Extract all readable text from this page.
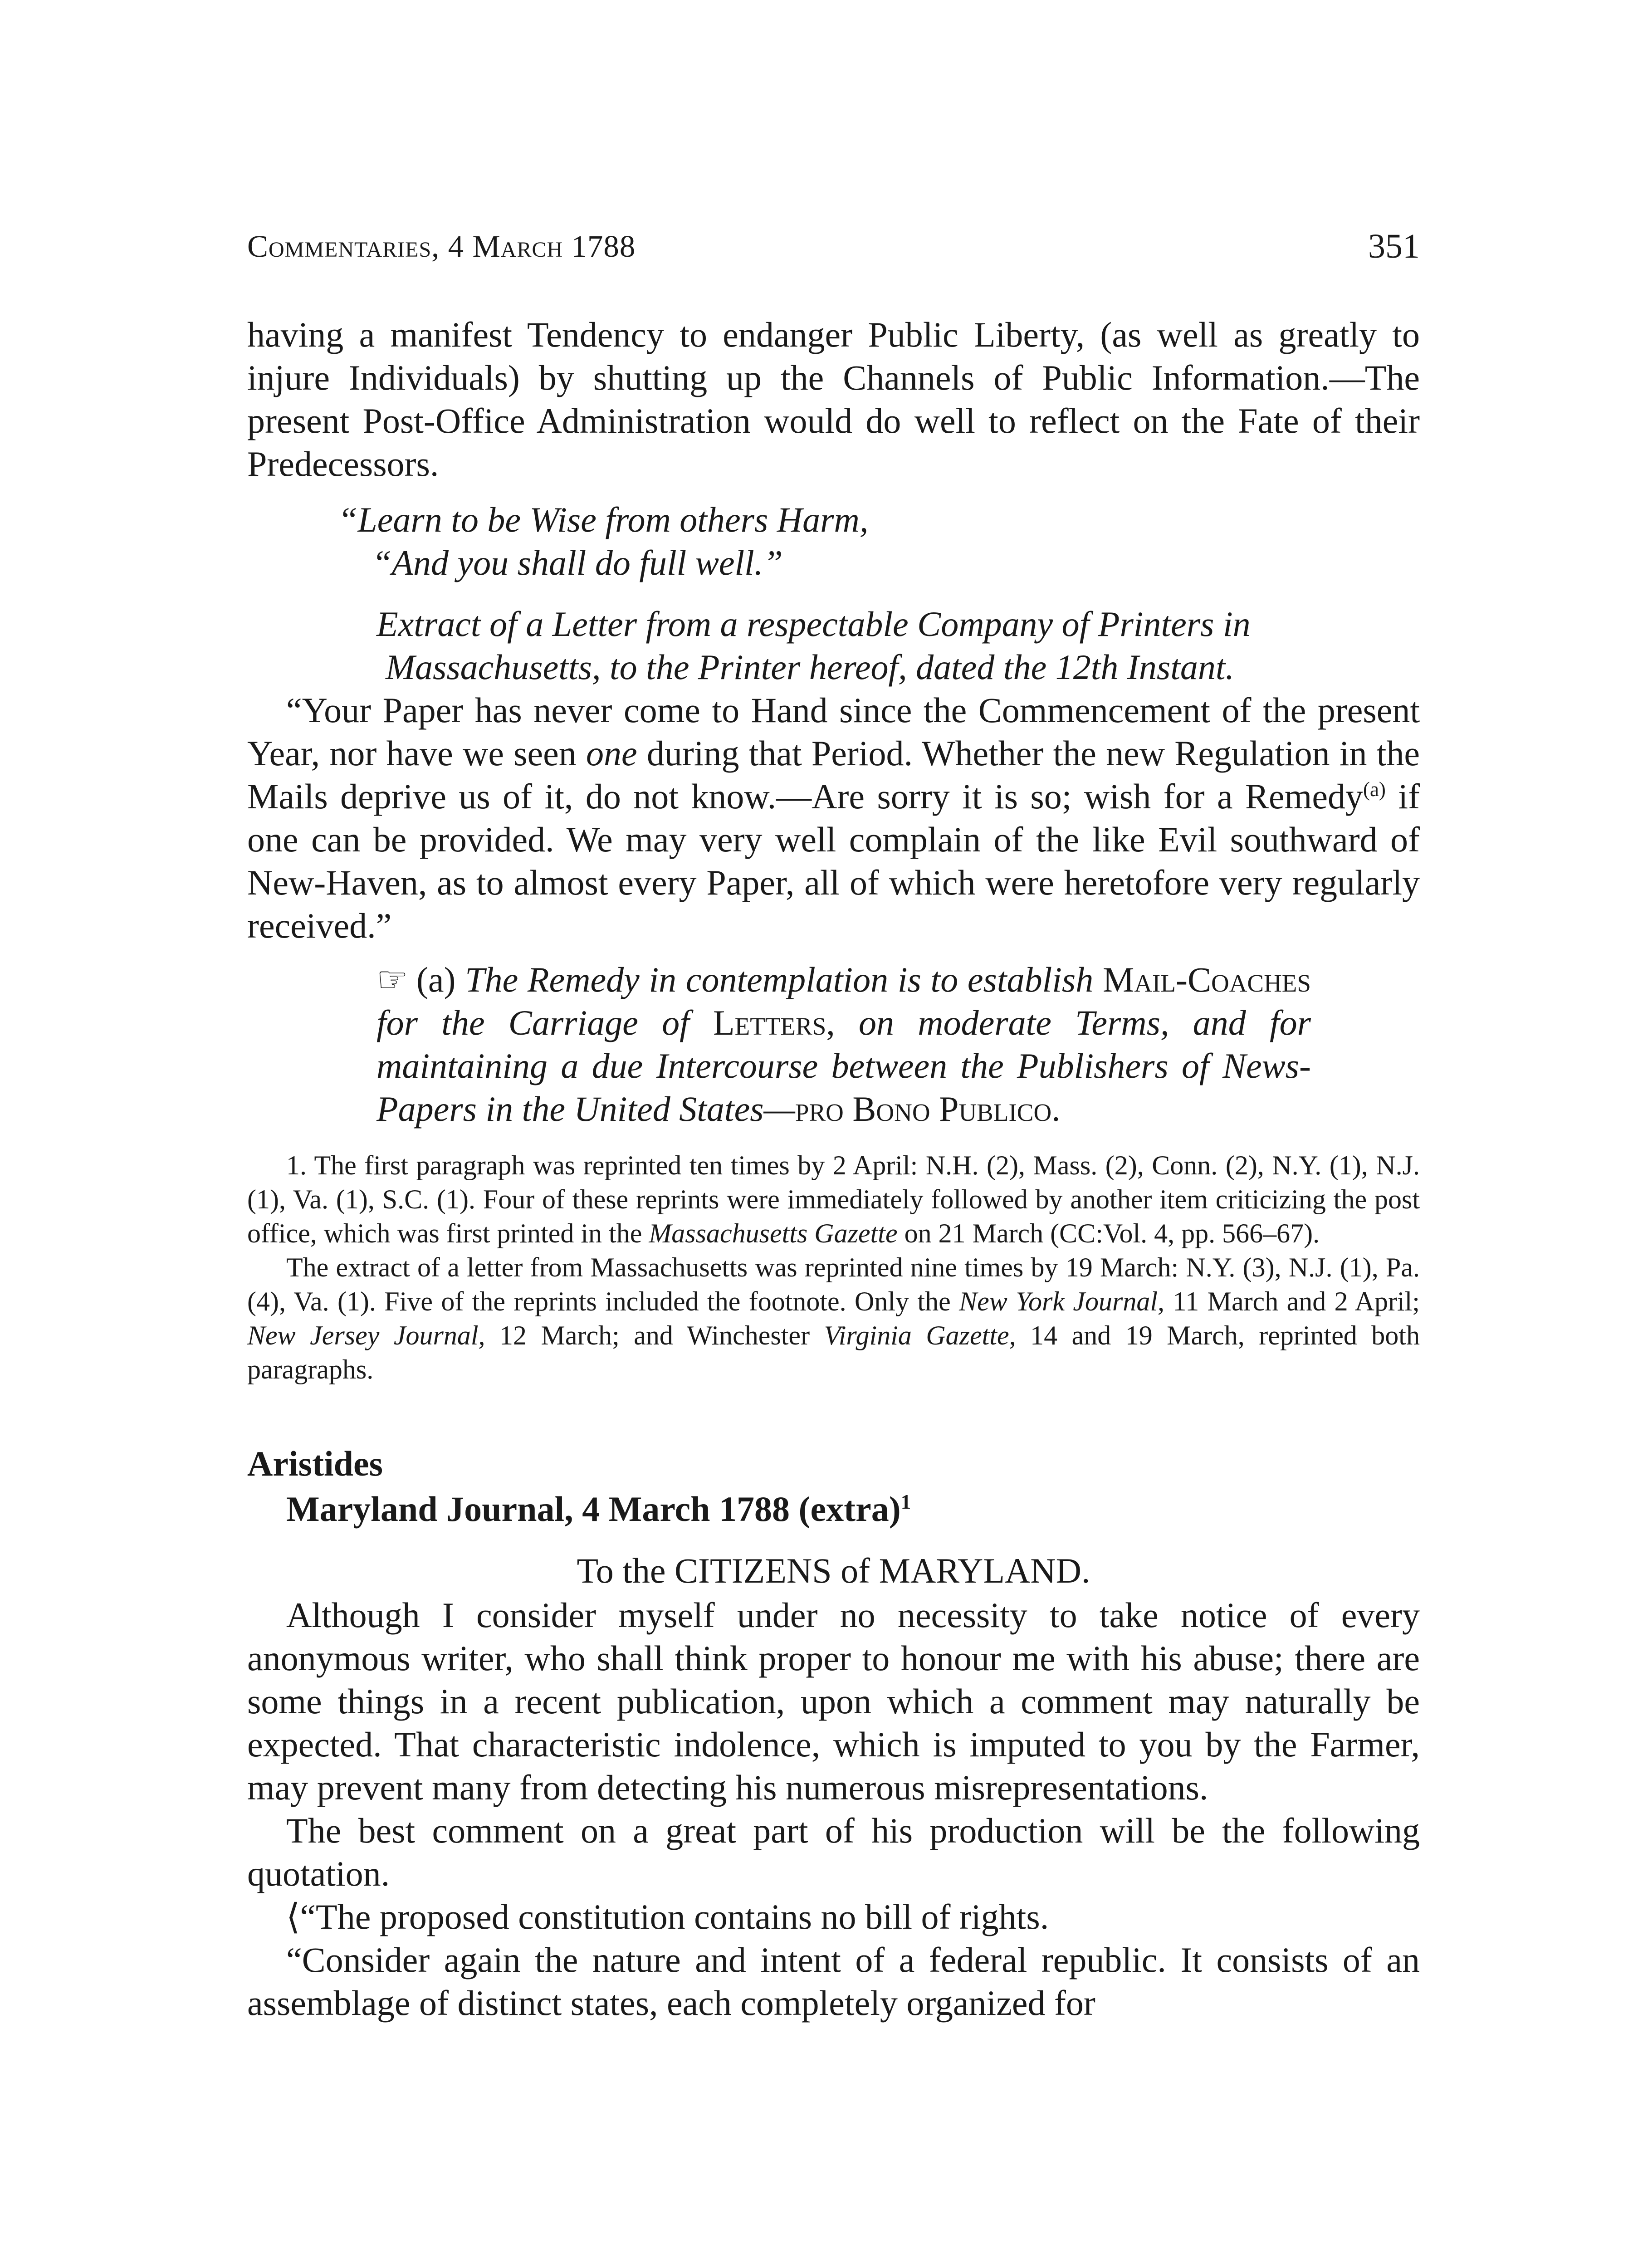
Commentaries, 4 March 1788	351

having a manifest Tendency to endanger Public Liberty, (as well as greatly to injure Individuals) by shutting up the Channels of Public Information.—The present Post-Office Administration would do well to reflect on the Fate of their Predecessors.

“Learn to be Wise from others Harm,
“And you shall do full well.”

Extract of a Letter from a respectable Company of Printers in
Massachusetts, to the Printer hereof, dated the 12th Instant.

“Your Paper has never come to Hand since the Commencement of the present Year, nor have we seen one during that Period. Whether the new Regulation in the Mails deprive us of it, do not know.—Are sorry it is so; wish for a Remedy$^{(a)}$ if one can be provided. We may very well complain of the like Evil southward of New-Haven, as to almost every Paper, all of which were heretofore very regularly received.”

☞ (a) The Remedy in contemplation is to establish Mail-Coaches for the Carriage of Letters, on moderate Terms, and for maintaining a due Intercourse between the Publishers of News-Papers in the United States—pro Bono Publico.

1. The first paragraph was reprinted ten times by 2 April: N.H. (2), Mass. (2), Conn. (2), N.Y. (1), N.J. (1), Va. (1), S.C. (1). Four of these reprints were immediately followed by another item criticizing the post office, which was first printed in the Massachusetts Gazette on 21 March (CC:Vol. 4, pp. 566–67).

The extract of a letter from Massachusetts was reprinted nine times by 19 March: N.Y. (3), N.J. (1), Pa. (4), Va. (1). Five of the reprints included the footnote. Only the New York Journal, 11 March and 2 April; New Jersey Journal, 12 March; and Winchester Virginia Gazette, 14 and 19 March, reprinted both paragraphs.

Aristides
Maryland Journal, 4 March 1788 (extra)$^1$

To the CITIZENS of MARYLAND.

Although I consider myself under no necessity to take notice of every anonymous writer, who shall think proper to honour me with his abuse; there are some things in a recent publication, upon which a comment may naturally be expected. That characteristic indolence, which is imputed to you by the Farmer, may prevent many from detecting his numerous misrepresentations.

The best comment on a great part of his production will be the following quotation.

⟨“The proposed constitution contains no bill of rights.

“Consider again the nature and intent of a federal republic. It consists of an assemblage of distinct states, each completely organized for
